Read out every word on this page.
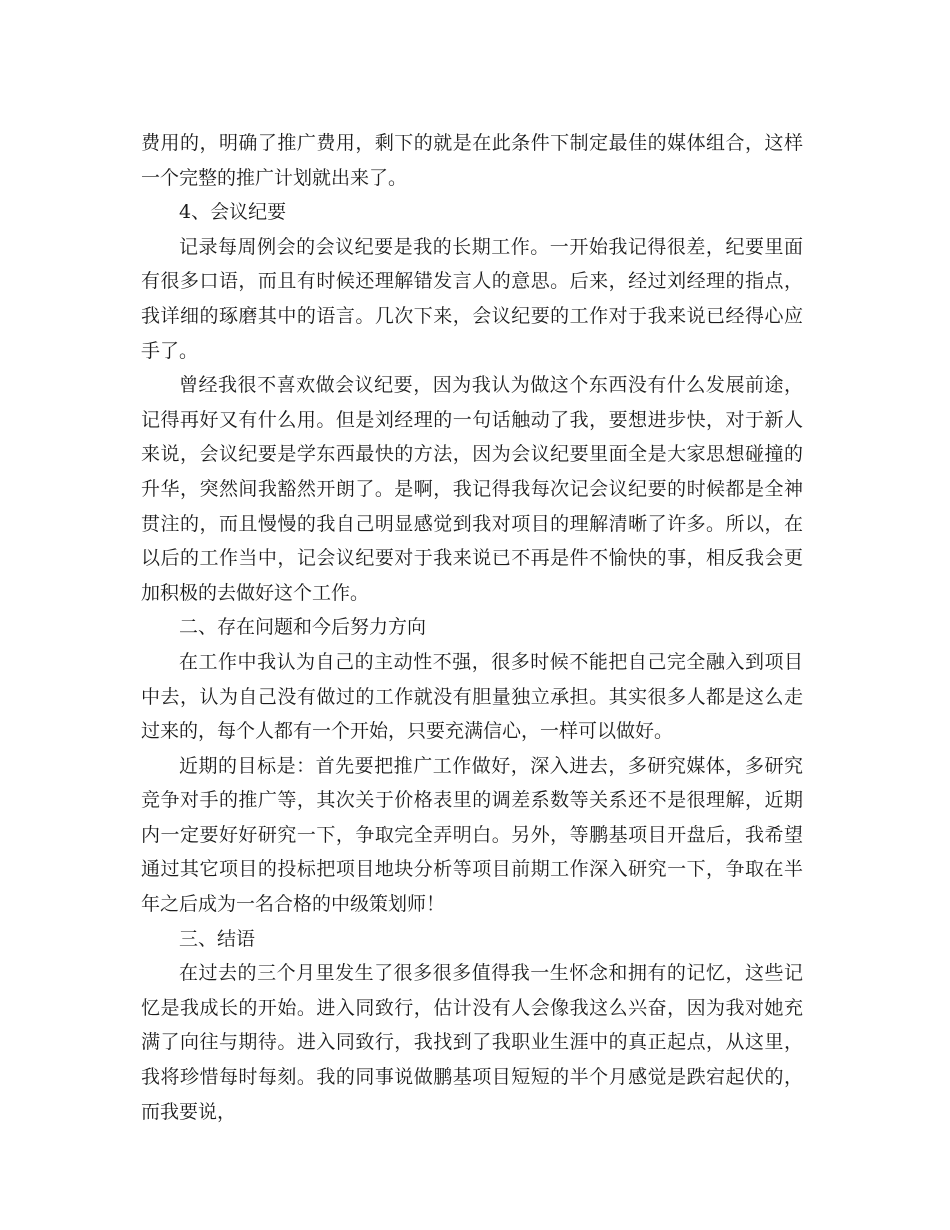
费用的，明确了推广费用，剩下的就是在此条件下制定最佳的媒体组合，这样一个完整的推广计划就出来了。

4、会议纪要

记录每周例会的会议纪要是我的长期工作。一开始我记得很差，纪要里面有很多口语，而且有时候还理解错发言人的意思。后来，经过刘经理的指点，我详细的琢磨其中的语言。几次下来，会议纪要的工作对于我来说已经得心应手了。

曾经我很不喜欢做会议纪要，因为我认为做这个东西没有什么发展前途，记得再好又有什么用。但是刘经理的一句话触动了我，要想进步快，对于新人来说，会议纪要是学东西最快的方法，因为会议纪要里面全是大家思想碰撞的升华，突然间我豁然开朗了。是啊，我记得我每次记会议纪要的时候都是全神贯注的，而且慢慢的我自己明显感觉到我对项目的理解清晰了许多。所以，在以后的工作当中，记会议纪要对于我来说已不再是件不愉快的事，相反我会更加积极的去做好这个工作。

二、存在问题和今后努力方向

在工作中我认为自己的主动性不强，很多时候不能把自己完全融入到项目中去，认为自己没有做过的工作就没有胆量独立承担。其实很多人都是这么走过来的，每个人都有一个开始，只要充满信心，一样可以做好。

近期的目标是：首先要把推广工作做好，深入进去，多研究媒体，多研究竞争对手的推广等，其次关于价格表里的调差系数等关系还不是很理解，近期内一定要好好研究一下，争取完全弄明白。另外，等鹏基项目开盘后，我希望通过其它项目的投标把项目地块分析等项目前期工作深入研究一下，争取在半年之后成为一名合格的中级策划师！

三、结语

在过去的三个月里发生了很多很多值得我一生怀念和拥有的记忆，这些记忆是我成长的开始。进入同致行，估计没有人会像我这么兴奋，因为我对她充满了向往与期待。进入同致行，我找到了我职业生涯中的真正起点，从这里，我将珍惜每时每刻。我的同事说做鹏基项目短短的半个月感觉是跌宕起伏的，而我要说，
